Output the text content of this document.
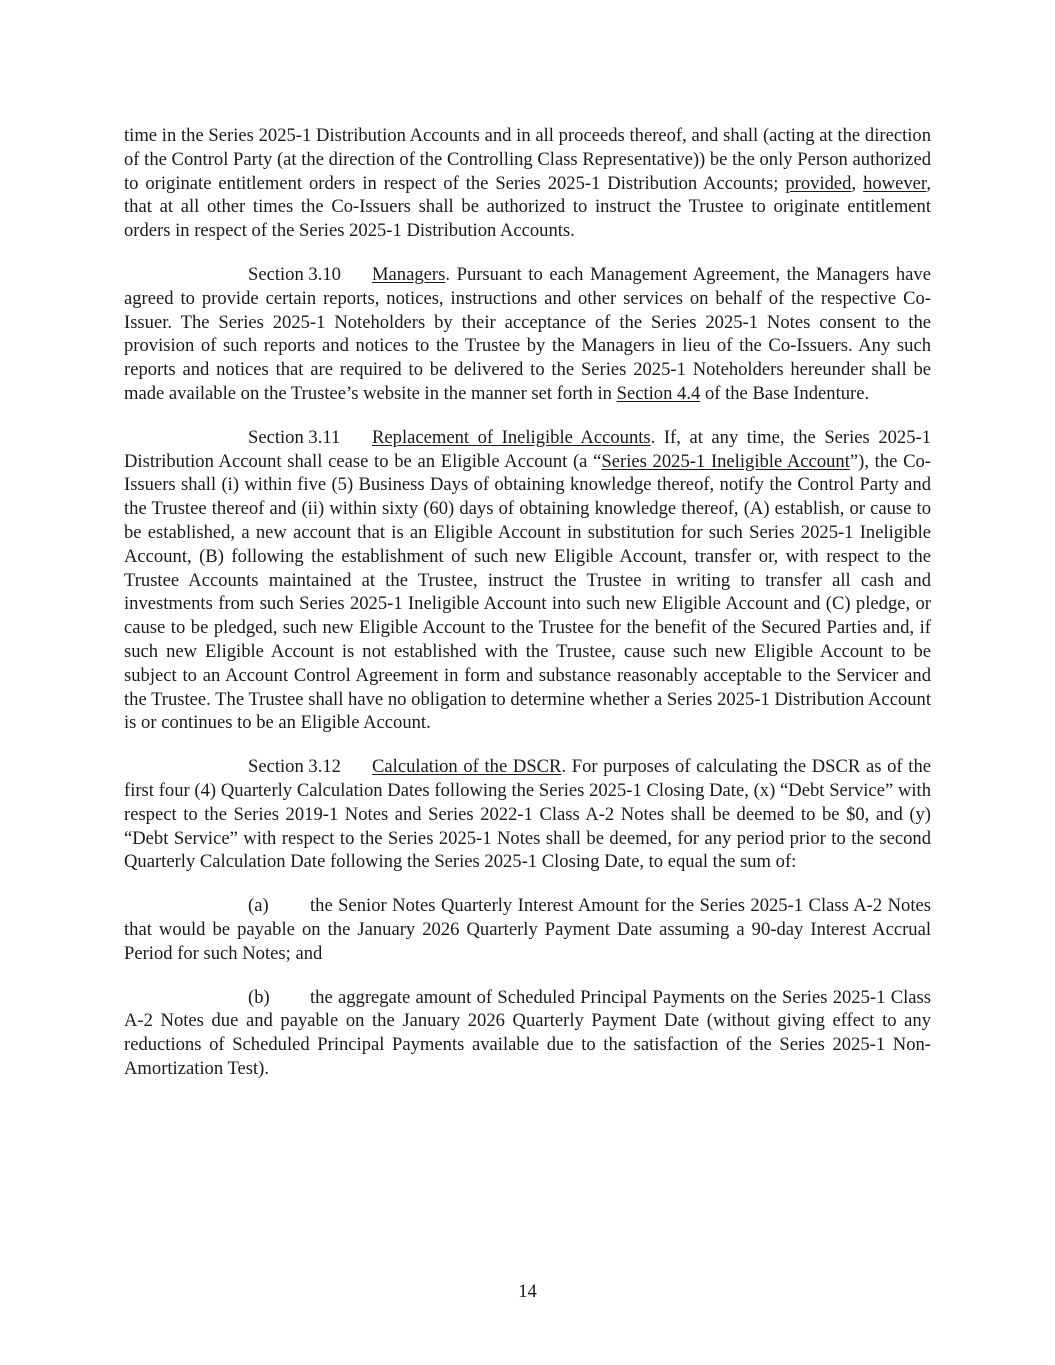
time in the Series 2025-1 Distribution Accounts and in all proceeds thereof, and shall (acting at the direction of the Control Party (at the direction of the Controlling Class Representative)) be the only Person authorized to originate entitlement orders in respect of the Series 2025-1 Distribution Accounts; provided, however, that at all other times the Co-Issuers shall be authorized to instruct the Trustee to originate entitlement orders in respect of the Series 2025-1 Distribution Accounts.

Section 3.10 Managers. Pursuant to each Management Agreement, the Managers have agreed to provide certain reports, notices, instructions and other services on behalf of the respective Co-Issuer. The Series 2025-1 Noteholders by their acceptance of the Series 2025-1 Notes consent to the provision of such reports and notices to the Trustee by the Managers in lieu of the Co-Issuers. Any such reports and notices that are required to be delivered to the Series 2025-1 Noteholders hereunder shall be made available on the Trustee’s website in the manner set forth in Section 4.4 of the Base Indenture.

Section 3.11 Replacement of Ineligible Accounts. If, at any time, the Series 2025-1 Distribution Account shall cease to be an Eligible Account (a “Series 2025-1 Ineligible Account”), the Co-Issuers shall (i) within five (5) Business Days of obtaining knowledge thereof, notify the Control Party and the Trustee thereof and (ii) within sixty (60) days of obtaining knowledge thereof, (A) establish, or cause to be established, a new account that is an Eligible Account in substitution for such Series 2025-1 Ineligible Account, (B) following the establishment of such new Eligible Account, transfer or, with respect to the Trustee Accounts maintained at the Trustee, instruct the Trustee in writing to transfer all cash and investments from such Series 2025-1 Ineligible Account into such new Eligible Account and (C) pledge, or cause to be pledged, such new Eligible Account to the Trustee for the benefit of the Secured Parties and, if such new Eligible Account is not established with the Trustee, cause such new Eligible Account to be subject to an Account Control Agreement in form and substance reasonably acceptable to the Servicer and the Trustee. The Trustee shall have no obligation to determine whether a Series 2025-1 Distribution Account is or continues to be an Eligible Account.

Section 3.12 Calculation of the DSCR. For purposes of calculating the DSCR as of the first four (4) Quarterly Calculation Dates following the Series 2025-1 Closing Date, (x) “Debt Service” with respect to the Series 2019-1 Notes and Series 2022-1 Class A-2 Notes shall be deemed to be $0, and (y) “Debt Service” with respect to the Series 2025-1 Notes shall be deemed, for any period prior to the second Quarterly Calculation Date following the Series 2025-1 Closing Date, to equal the sum of:

(a) the Senior Notes Quarterly Interest Amount for the Series 2025-1 Class A-2 Notes that would be payable on the January 2026 Quarterly Payment Date assuming a 90-day Interest Accrual Period for such Notes; and

(b) the aggregate amount of Scheduled Principal Payments on the Series 2025-1 Class A-2 Notes due and payable on the January 2026 Quarterly Payment Date (without giving effect to any reductions of Scheduled Principal Payments available due to the satisfaction of the Series 2025-1 Non-Amortization Test).

14
